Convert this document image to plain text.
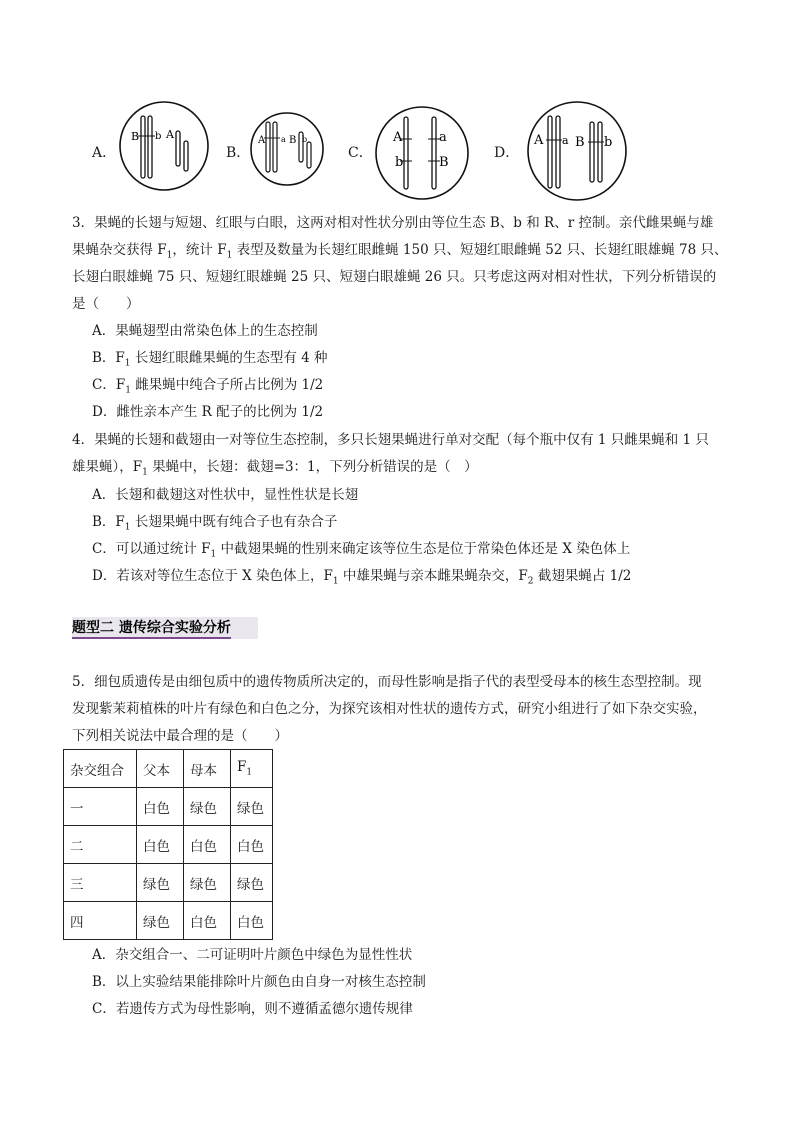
A．
B b A
B．
A a B b
C．
A
b
a
B
D．
A a B b
3．果蝇的长翅与短翅、红眼与白眼，这两对相对性状分别由等位生态 B、b 和 R、r 控制。亲代雌果蝇与雄
果蝇杂交获得 $F_1$，统计 $F_1$ 表型及数量为长翅红眼雌蝇 150 只、短翅红眼雌蝇 52 只、长翅红眼雄蝇 78 只、
长翅白眼雄蝇 75 只、短翅红眼雄蝇 25 只、短翅白眼雄蝇 26 只。只考虑这两对相对性状，下列分析错误的
是（　　）
A．果蝇翅型由常染色体上的生态控制
B．$F_1$ 长翅红眼雌果蝇的生态型有 4 种
C．$F_1$ 雌果蝇中纯合子所占比例为 1/2
D．雌性亲本产生 R 配子的比例为 1/2
4．果蝇的长翅和截翅由一对等位生态控制，多只长翅果蝇进行单对交配（每个瓶中仅有 1 只雌果蝇和 1 只
雄果蝇），$F_1$ 果蝇中，长翅：截翅=3：1，下列分析错误的是（　）
A．长翅和截翅这对性状中，显性性状是长翅
B．$F_1$ 长翅果蝇中既有纯合子也有杂合子
C．可以通过统计 $F_1$ 中截翅果蝇的性别来确定该等位生态是位于常染色体还是 X 染色体上
D．若该对等位生态位于 X 染色体上，$F_1$ 中雄果蝇与亲本雌果蝇杂交，$F_2$ 截翅果蝇占 1/2
题型二 遗传综合实验分析
5．细包质遗传是由细包质中的遗传物质所决定的，而母性影响是指子代的表型受母本的核生态型控制。现
发现紫茉莉植株的叶片有绿色和白色之分，为探究该相对性状的遗传方式，研究小组进行了如下杂交实验，
下列相关说法中最合理的是（　　）
杂交组合	父本	母本	$F_1$
一	白色	绿色	绿色
二	白色	白色	白色
三	绿色	绿色	绿色
四	绿色	白色	白色
A．杂交组合一、二可证明叶片颜色中绿色为显性性状
B．以上实验结果能排除叶片颜色由自身一对核生态控制
C．若遗传方式为母性影响，则不遵循孟德尔遗传规律
